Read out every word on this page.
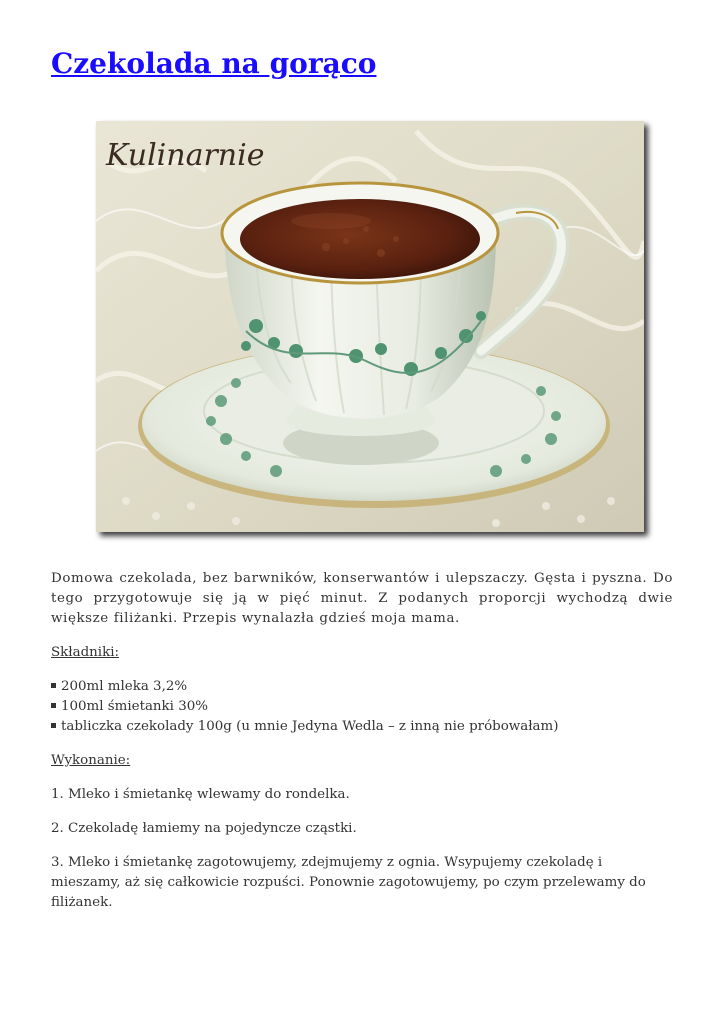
Czekolada na gorąco
Kulinarnie

Domowa czekolada, bez barwników, konserwantów i ulepszaczy. Gęsta i pyszna. Do tego przygotowuje się ją w pięć minut. Z podanych proporcji wychodzą dwie większe filiżanki. Przepis wynalazła gdzieś moja mama.

Składniki:

200ml mleka 3,2%
100ml śmietanki 30%
tabliczka czekolady 100g (u mnie Jedyna Wedla – z inną nie próbowałam)

Wykonanie:

1. Mleko i śmietankę wlewamy do rondelka.

2. Czekoladę łamiemy na pojedyncze cząstki.

3. Mleko i śmietankę zagotowujemy, zdejmujemy z ognia. Wsypujemy czekoladę i mieszamy, aż się całkowicie rozpuści. Ponownie zagotowujemy, po czym przelewamy do filiżanek.
